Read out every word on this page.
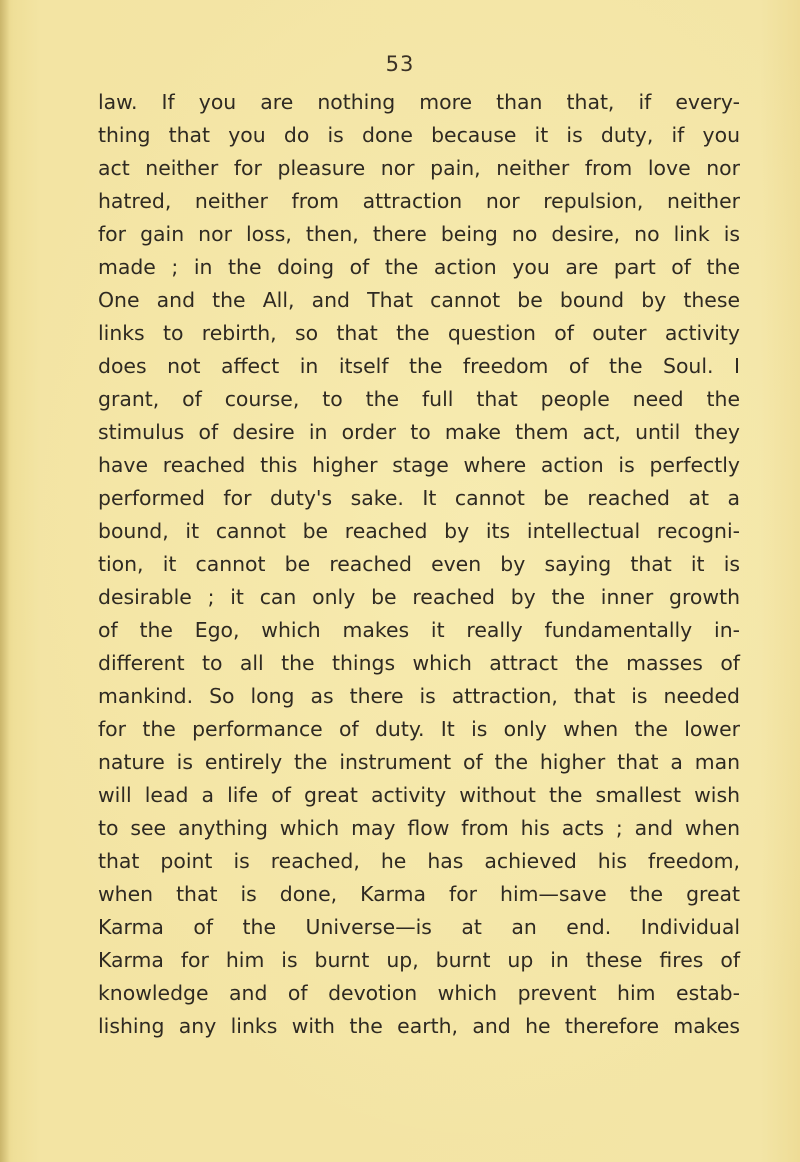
53
law. If you are nothing more than that, if every-
thing that you do is done because it is duty, if you
act neither for pleasure nor pain, neither from love nor
hatred, neither from attraction nor repulsion, neither
for gain nor loss, then, there being no desire, no link is
made ; in the doing of the action you are part of the
One and the All, and That cannot be bound by these
links to rebirth, so that the question of outer activity
does not affect in itself the freedom of the Soul. I
grant, of course, to the full that people need the
stimulus of desire in order to make them act, until they
have reached this higher stage where action is perfectly
performed for duty's sake. It cannot be reached at a
bound, it cannot be reached by its intellectual recogni-
tion, it cannot be reached even by saying that it is
desirable ; it can only be reached by the inner growth
of the Ego, which makes it really fundamentally in-
different to all the things which attract the masses of
mankind. So long as there is attraction, that is needed
for the performance of duty. It is only when the lower
nature is entirely the instrument of the higher that a man
will lead a life of great activity without the smallest wish
to see anything which may flow from his acts ; and when
that point is reached, he has achieved his freedom,
when that is done, Karma for him—save the great
Karma of the Universe—is at an end. Individual
Karma for him is burnt up, burnt up in these fires of
knowledge and of devotion which prevent him estab-
lishing any links with the earth, and he therefore makes
